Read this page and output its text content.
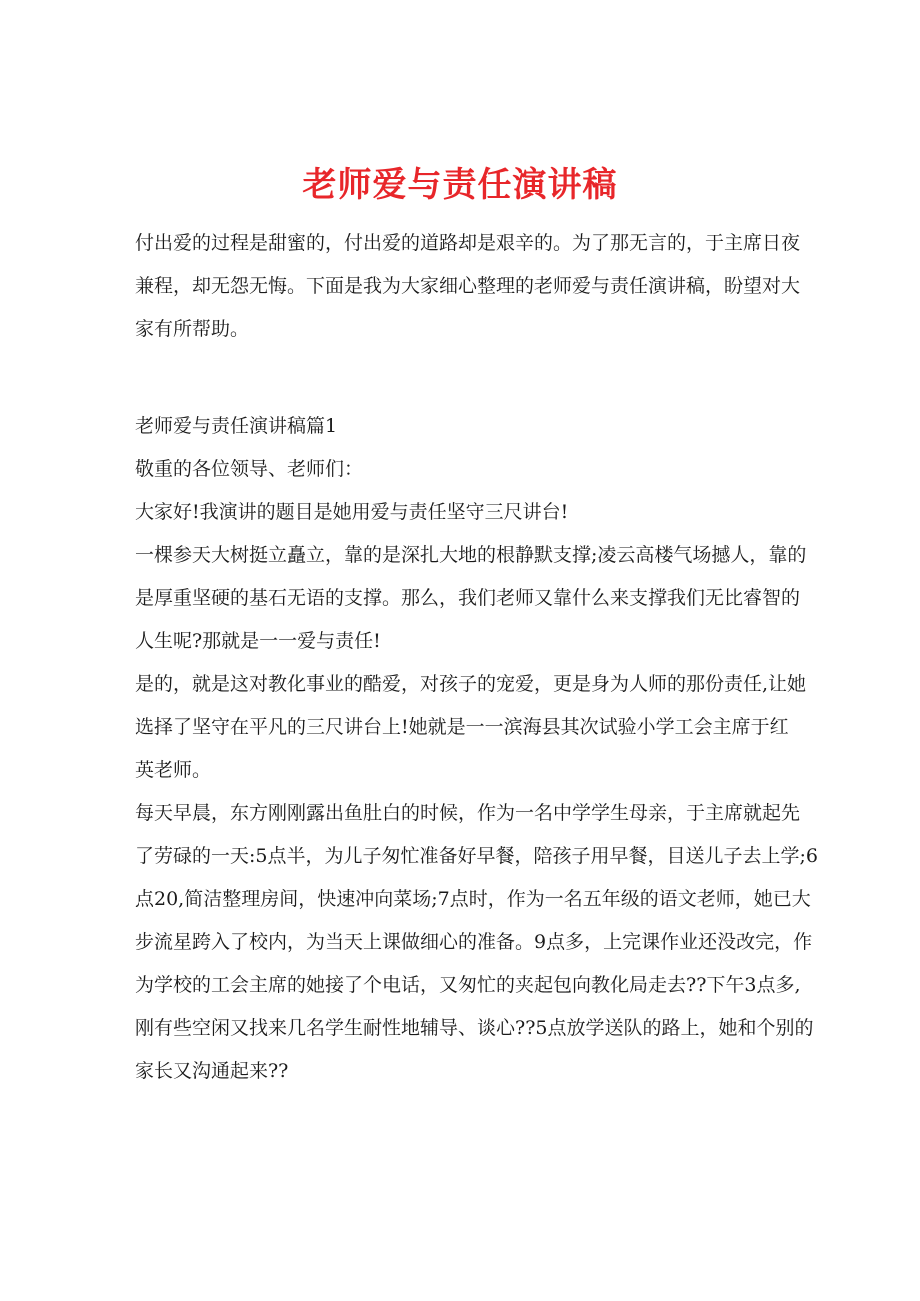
老师爱与责任演讲稿

付出爱的过程是甜蜜的，付出爱的道路却是艰辛的。为了那无言的，于主席日夜
兼程，却无怨无悔。下面是我为大家细心整理的老师爱与责任演讲稿，盼望对大
家有所帮助。

老师爱与责任演讲稿篇1

敬重的各位领导、老师们：

大家好!我演讲的题目是她用爱与责任坚守三尺讲台!

一棵参天大树挺立矗立，靠的是深扎大地的根静默支撑;凌云高楼气场撼人，靠的
是厚重坚硬的基石无语的支撑。那么，我们老师又靠什么来支撑我们无比睿智的
人生呢?那就是一一爱与责任!

是的，就是这对教化事业的酷爱，对孩子的宠爱，更是身为人师的那份责任,让她
选择了坚守在平凡的三尺讲台上!她就是一一滨海县其次试验小学工会主席于红
英老师。

每天早晨，东方刚刚露出鱼肚白的时候，作为一名中学学生母亲，于主席就起先
了劳碌的一天:5点半，为儿子匆忙准备好早餐，陪孩子用早餐，目送儿子去上学;6
点20,简洁整理房间，快速冲向菜场;7点时，作为一名五年级的语文老师，她已大
步流星跨入了校内，为当天上课做细心的准备。9点多，上完课作业还没改完，作
为学校的工会主席的她接了个电话，又匆忙的夹起包向教化局走去??下午3点多,
刚有些空闲又找来几名学生耐性地辅导、谈心??5点放学送队的路上，她和个别的
家长又沟通起来??
